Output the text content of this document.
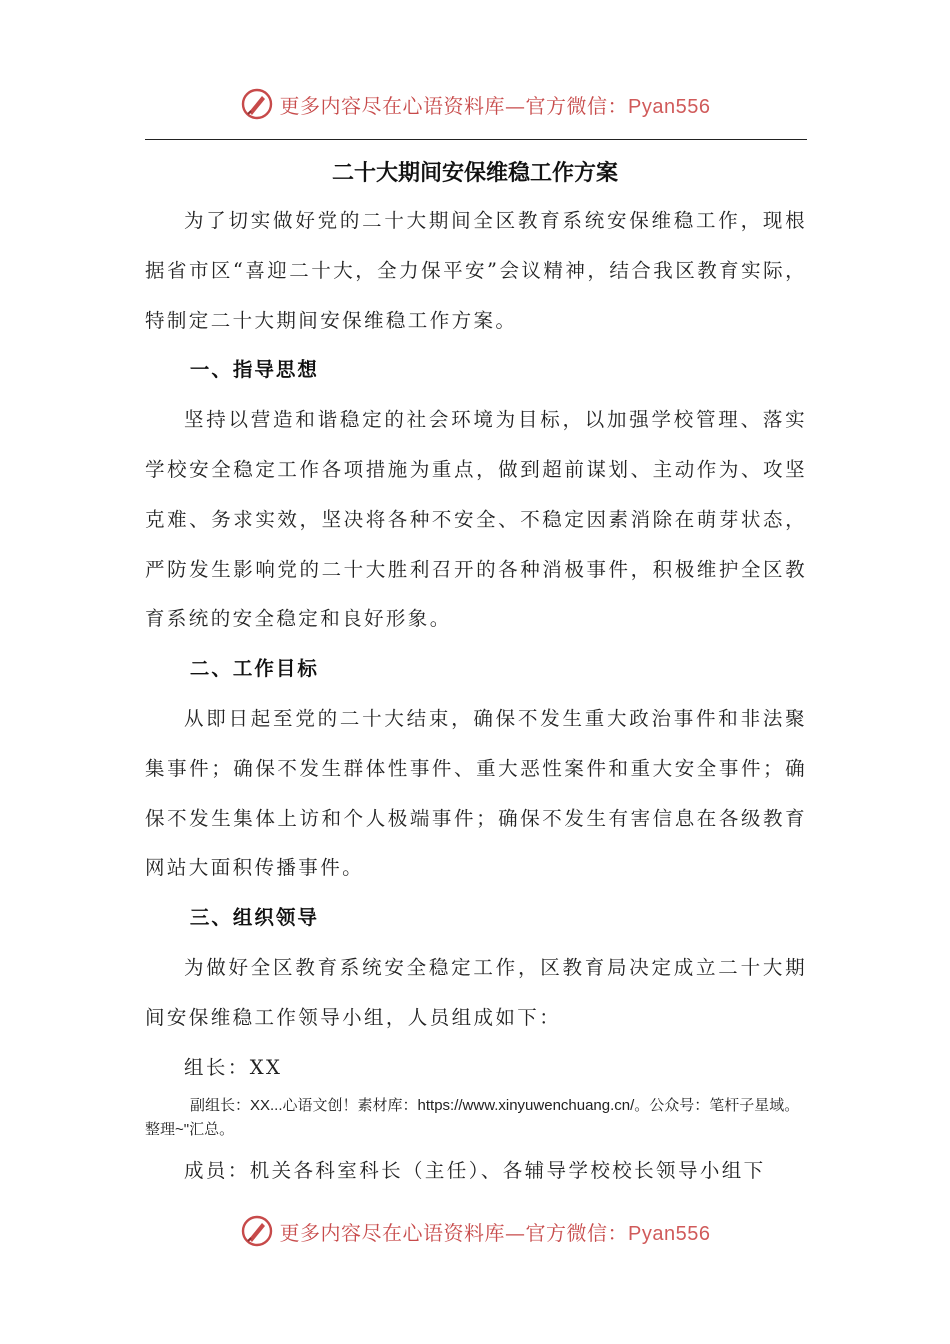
更多内容尽在心语资料库—官方微信：Pyan556
二十大期间安保维稳工作方案

为了切实做好党的二十大期间全区教育系统安保维稳工作，现根据省市区“喜迎二十大，全力保平安”会议精神，结合我区教育实际，特制定二十大期间安保维稳工作方案。

一、指导思想

坚持以营造和谐稳定的社会环境为目标，以加强学校管理、落实学校安全稳定工作各项措施为重点，做到超前谋划、主动作为、攻坚克难、务求实效，坚决将各种不安全、不稳定因素消除在萌芽状态，严防发生影响党的二十大胜利召开的各种消极事件，积极维护全区教育系统的安全稳定和良好形象。

二、工作目标

从即日起至党的二十大结束，确保不发生重大政治事件和非法聚集事件；确保不发生群体性事件、重大恶性案件和重大安全事件；确保不发生集体上访和个人极端事件；确保不发生有害信息在各级教育网站大面积传播事件。

三、组织领导

为做好全区教育系统安全稳定工作，区教育局决定成立二十大期间安保维稳工作领导小组，人员组成如下：

组长：XX

副组长：XX...心语文创！素材库：https://www.xinyuwenchuang.cn/。公众号：笔杆子星域。整理~"汇总。

成员：机关各科室科长（主任）、各辅导学校校长领导小组下

更多内容尽在心语资料库—官方微信：Pyan556
